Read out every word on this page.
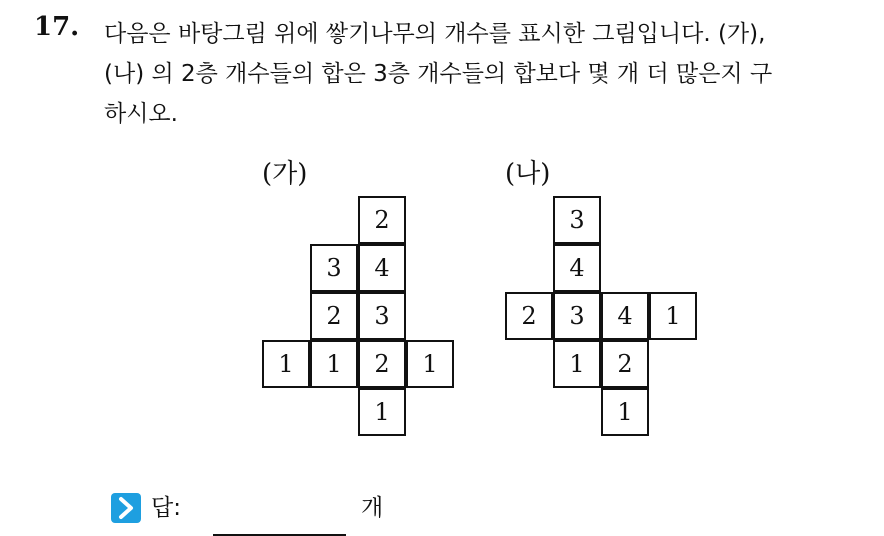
17. 다음은 바탕그림 위에 쌓기나무의 개수를 표시한 그림입니다. (가),
(나) 의 2층 개수들의 합은 3층 개수들의 합보다 몇 개 더 많은지 구
하시오.
(가)
2
3	4
2	3
1	1	2	1
1
(나)
3
4
2	3	4	1
1	2
1
답:	개
